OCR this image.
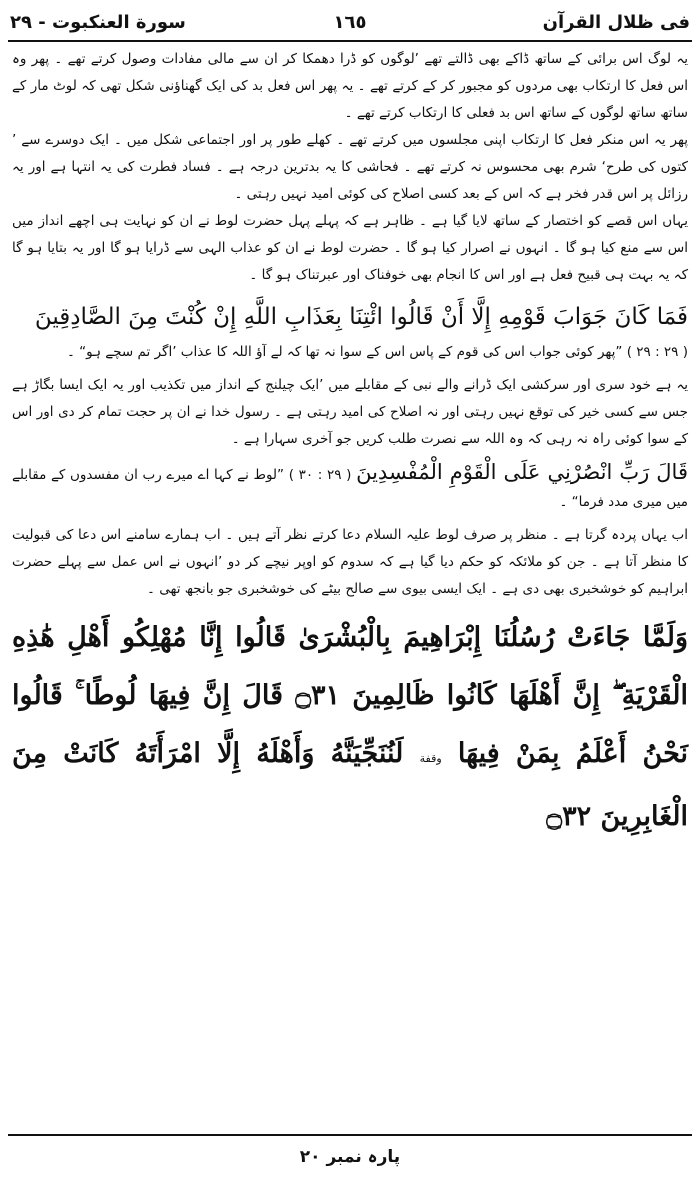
فی ظلال القرآن
١٦٥
سورة العنکبوت - ٢٩

یہ لوگ اس برائی کے ساتھ ڈاکے بھی ڈالتے تھے ’لوگوں کو ڈرا دھمکا کر ان سے مالی مفادات وصول کرتے تھے ۔ پھر وہ اس فعل کا ارتکاب بھی مردوں کو مجبور کر کے کرتے تھے ۔ یہ پھر اس فعل بد کی ایک گھناؤنی شکل تھی کہ لوٹ مار کے ساتھ ساتھ لوگوں کے ساتھ اس بد فعلی کا ارتکاب کرتے تھے ۔

پھر یہ اس منکر فعل کا ارتکاب اپنی مجلسوں میں کرتے تھے ۔ کھلے طور پر اور اجتماعی شکل میں ۔ ایک دوسرے سے ’ کتوں کی طرح‘ شرم بھی محسوس نہ کرتے تھے ۔ فحاشی کا یہ بدترین درجہ ہے ۔ فساد فطرت کی یہ انتہا ہے اور یہ رزائل پر اس قدر فخر ہے کہ اس کے بعد کسی اصلاح کی کوئی امید نہیں رہتی ۔

یہاں اس قصے کو اختصار کے ساتھ لایا گیا ہے ۔ ظاہر ہے کہ پہلے پہل حضرت لوط نے ان کو نہایت ہی اچھے انداز میں اس سے منع کیا ہو گا ۔ انہوں نے اصرار کیا ہو گا ۔ حضرت لوط نے ان کو عذاب الہی سے ڈرایا ہو گا اور یہ بتایا ہو گا کہ یہ بہت ہی قبیح فعل ہے اور اس کا انجام بھی خوفناک اور عبرتناک ہو گا ۔

فَمَا كَانَ جَوَابَ قَوْمِهِ إِلَّا أَنْ قَالُوا ائْتِنَا بِعَذَابِ اللَّهِ إِنْ كُنْتَ مِنَ الصَّادِقِينَ

( ٢٩ : ٢٩ ) ”پھر کوئی جواب اس کی قوم کے پاس اس کے سوا نہ تھا کہ لے آؤ اللہ کا عذاب ’اگر تم سچے ہو“ ۔

یہ ہے خود سری اور سرکشی ایک ڈرانے والے نبی کے مقابلے میں ’ایک چیلنج کے انداز میں تکذیب اور یہ ایک ایسا بگاڑ ہے جس سے کسی خیر کی توقع نہیں رہتی اور نہ اصلاح کی امید رہتی ہے ۔ رسول خدا نے ان پر حجت تمام کر دی اور اس کے سوا کوئی راہ نہ رہی کہ وہ اللہ سے نصرت طلب کریں جو آخری سہارا ہے ۔

قَالَ رَبِّ انْصُرْنِي عَلَى الْقَوْمِ الْمُفْسِدِينَ ( ٢٩ : ٣٠ ) ”لوط نے کہا اے میرے رب ان مفسدوں کے مقابلے میں میری مدد فرما“ ۔

اب یہاں پردہ گرتا ہے ۔ منظر پر صرف لوط علیہ السلام دعا کرتے نظر آتے ہیں ۔ اب ہمارے سامنے اس دعا کی قبولیت کا منظر آتا ہے ۔ جن کو ملائکہ کو حکم دیا گیا ہے کہ سدوم کو اوپر نیچے کر دو ’انہوں نے اس عمل سے پہلے حضرت ابراہیم کو خوشخبری بھی دی ہے ۔ ایک ایسی بیوی سے صالح بیٹے کی خوشخبری جو بانجھ تھی ۔

وَلَمَّا جَاءَتْ رُسُلُنَا إِبْرَاهِيمَ بِالْبُشْرَىٰ قَالُوا إِنَّا مُهْلِكُو أَهْلِ هَٰذِهِ الْقَرْيَةِ ۖ إِنَّ أَهْلَهَا كَانُوا ظَالِمِينَ ۝٣١ قَالَ إِنَّ فِيهَا لُوطًا ۚ قَالُوا نَحْنُ أَعْلَمُ بِمَنْ فِيهَا وقفة لَنُنَجِّيَنَّهُ وَأَهْلَهُ إِلَّا امْرَأَتَهُ كَانَتْ مِنَ الْغَابِرِينَ ۝٣٢

پارہ نمبر ٢٠
